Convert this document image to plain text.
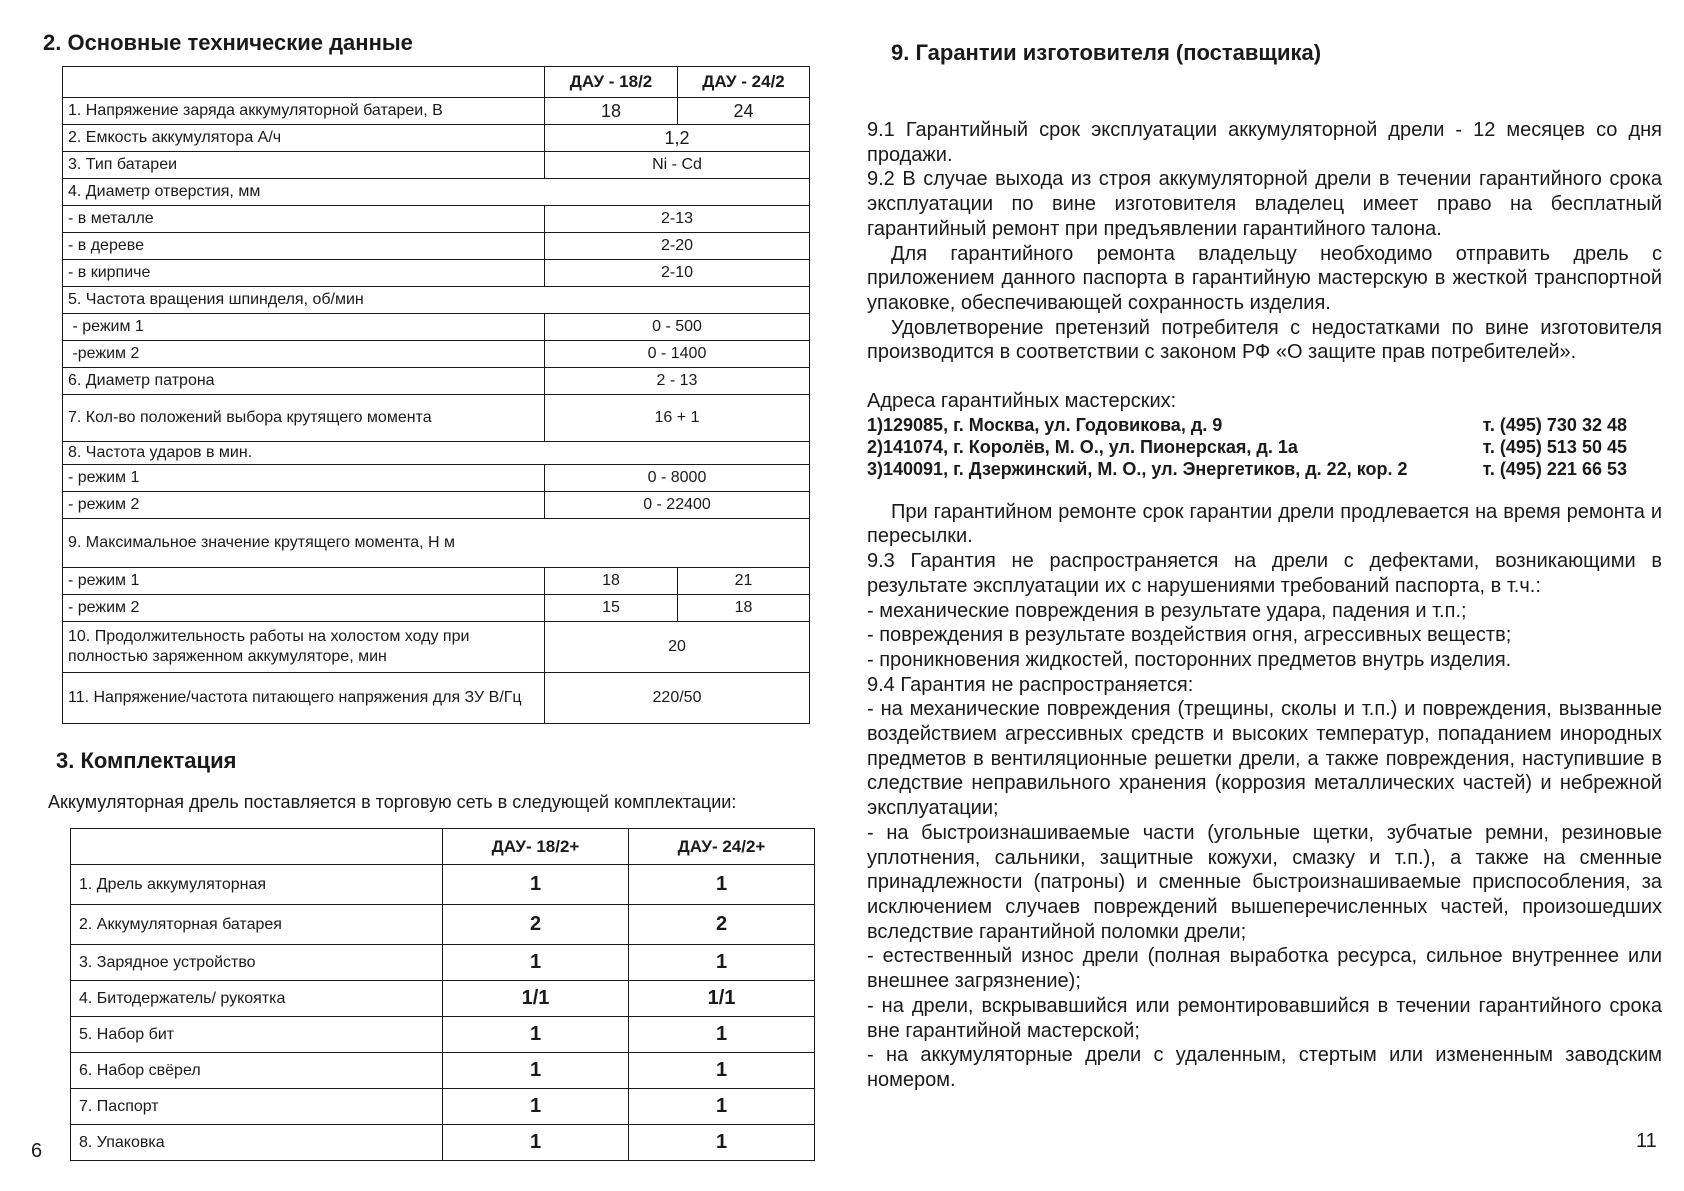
2. Основные технические данные
	ДАУ - 18/2	ДАУ - 24/2
1. Напряжение заряда аккумуляторной батареи, В	18	24
2. Емкость аккумулятора А/ч	1,2	
3. Тип батареи	Ni - Cd	
4. Диаметр отверстия, мм		
- в металле	2-13	
- в дереве	2-20	
- в кирпиче	2-10	
5. Частота вращения шпинделя, об/мин		
- режим 1	0 - 500	
-режим 2	0 - 1400	
6. Диаметр патрона	2 - 13	
7. Кол-во положений выбора крутящего момента	16 + 1	
8. Частота ударов в мин.		
- режим 1	0 - 8000	
- режим 2	0 - 22400	
9. Максимальное значение крутящего момента, Н м		
- режим 1	18	21
- режим 2	15	18
10. Продолжительность работы на холостом ходу при полностью заряженном аккумуляторе, мин	20	
11. Напряжение/частота питающего напряжения для ЗУ В/Гц	220/50	
3. Комплектация
Аккумуляторная дрель поставляется в торговую сеть в следующей комплектации:
	ДАУ- 18/2+	ДАУ- 24/2+
1. Дрель аккумуляторная	1	1
2. Аккумуляторная батарея	2	2
3. Зарядное устройство	1	1
4. Битодержатель/ рукоятка	1/1	1/1
5. Набор бит	1	1
6. Набор свёрел	1	1
7. Паспорт	1	1
8. Упаковка	1	1
6
9. Гарантии изготовителя (поставщика)

9.1 Гарантийный срок эксплуатации аккумуляторной дрели - 12 месяцев со дня продажи.

9.2 В случае выхода из строя аккумуляторной дрели в течении гарантийного срока эксплуатации по вине изготовителя владелец имеет право на бесплатный гарантийный ремонт при предъявлении гарантийного талона.

Для гарантийного ремонта владельцу необходимо отправить дрель с приложением данного паспорта в гарантийную мастерскую в жесткой транспортной упаковке, обеспечивающей сохранность изделия.

Удовлетворение претензий потребителя с недостатками по вине изготовителя производится в соответствии с законом РФ «О защите прав потребителей».

Адреса гарантийных мастерских:

1)129085, г. Москва, ул. Годовикова, д. 9	т. (495) 730 32 48
2)141074, г. Королёв, М. О., ул. Пионерская, д. 1а	т. (495) 513 50 45
3)140091, г. Дзержинский, М. О., ул. Энергетиков, д. 22, кор. 2	т. (495) 221 66 53

При гарантийном ремонте срок гарантии дрели продлевается на время ремонта и пересылки.

9.3 Гарантия не распространяется на дрели с дефектами, возникающими в результате эксплуатации их с нарушениями требований паспорта, в т.ч.:

- механические повреждения в результате удара, падения и т.п.;

- повреждения в результате воздействия огня, агрессивных веществ;

- проникновения жидкостей, посторонних предметов внутрь изделия.

9.4 Гарантия не распространяется:

- на механические повреждения (трещины, сколы и т.п.) и повреждения, вызванные воздействием агрессивных средств и высоких температур, попаданием инородных предметов в вентиляционные решетки дрели, а также повреждения, наступившие в следствие неправильного хранения (коррозия металлических частей) и небрежной эксплуатации;

- на быстроизнашиваемые части (угольные щетки, зубчатые ремни, резиновые уплотнения, сальники, защитные кожухи, смазку и т.п.), а также на сменные принадлежности (патроны) и сменные быстроизнашиваемые приспособления, за исключением случаев повреждений вышеперечисленных частей, произошедших вследствие гарантийной поломки дрели;

- естественный износ дрели (полная выработка ресурса, сильное внутреннее или внешнее загрязнение);

- на дрели, вскрывавшийся или ремонтировавшийся в течении гарантийного срока вне гарантийной мастерской;

- на аккумуляторные дрели с удаленным, стертым или измененным заводским номером.

11
